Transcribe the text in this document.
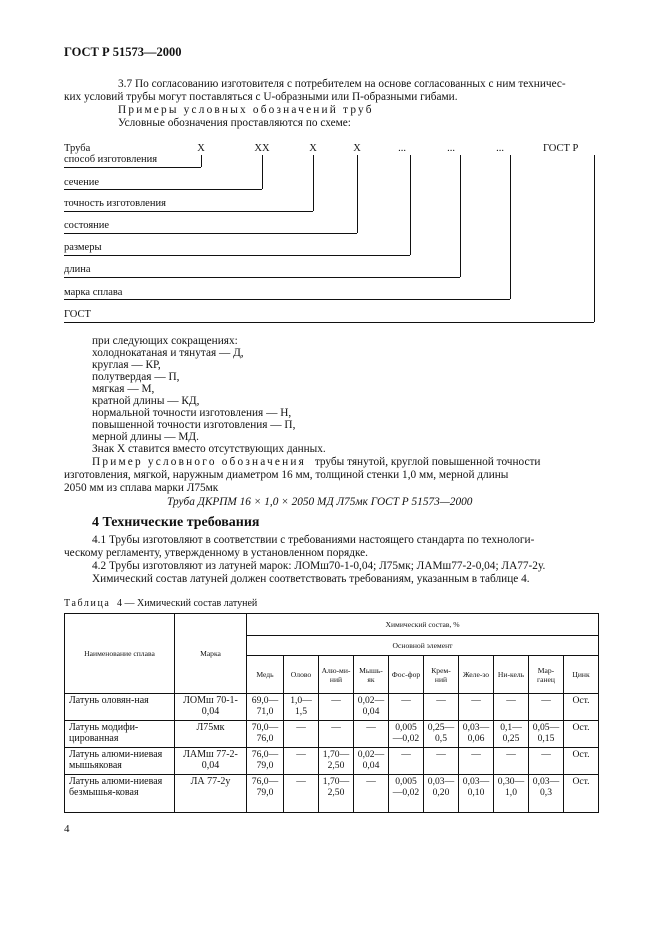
ГОСТ Р 51573—2000
3.7 По согласованию изготовителя с потребителем на основе согласованных с ним техничес-
ких условий трубы могут поставляться с U-образными или П-образными гибами.
Примеры условных обозначений труб
Условные обозначения проставляются по схеме:
Труба	X	XX	X	X	...	...	...	ГОСТ Р
способ изготовления
сечение
точность изготовления
состояние
размеры
длина
марка сплава
ГОСТ
при следующих сокращениях:
холоднокатаная и тянутая — Д,
круглая — КР,
полутвердая — П,
мягкая — М,
кратной длины — КД,
нормальной точности изготовления — Н,
повышенной точности изготовления — П,
мерной длины — МД.
Знак X ставится вместо отсутствующих данных.
Пример условного обозначения трубы тянутой, круглой повышенной точности
изготовления, мягкой, наружным диаметром 16 мм, толщиной стенки 1,0 мм, мерной длины
2050 мм из сплава марки Л75мк
Труба ДКРПМ 16 × 1,0 × 2050 МД Л75мк ГОСТ Р 51573—2000
4 Технические требования
4.1 Трубы изготовляют в соответствии с требованиями настоящего стандарта по технологи-
ческому регламенту, утвержденному в установленном порядке.
4.2 Трубы изготовляют из латуней марок: ЛОМш70-1-0,04; Л75мк; ЛАМш77-2-0,04; ЛА77-2у.
Химический состав латуней должен соответствовать требованиям, указанным в таблице 4.
Таблица 4 — Химический состав латуней
Наименование сплава	Марка	Химический состав, %									
		Основной элемент									
		Медь	Олово	Алю-ми-ний	Мышь-як	Фос-фор	Крем-ний	Желе-зо	Ни-кель	Мар-ганец	Цинк
Латунь оловян-ная	ЛОМш 70-1-0,04	69,0—71,0	1,0—1,5	—	0,02—0,04	—	—	—	—	—	Ост.
Латунь модифи-цированная	Л75мк	70,0—76,0	—	—	—	0,005—0,02	0,25—0,5	0,03—0,06	0,1—0,25	0,05—0,15	Ост.
Латунь алюми-ниевая мышьяковая	ЛАМш 77-2-0,04	76,0—79,0	—	1,70—2,50	0,02—0,04	—	—	—	—	—	Ост.
Латунь алюми-ниевая безмышья-ковая	ЛА 77-2у	76,0—79,0	—	1,70—2,50	—	0,005—0,02	0,03—0,20	0,03—0,10	0,30—1,0	0,03—0,3	Ост.
4
